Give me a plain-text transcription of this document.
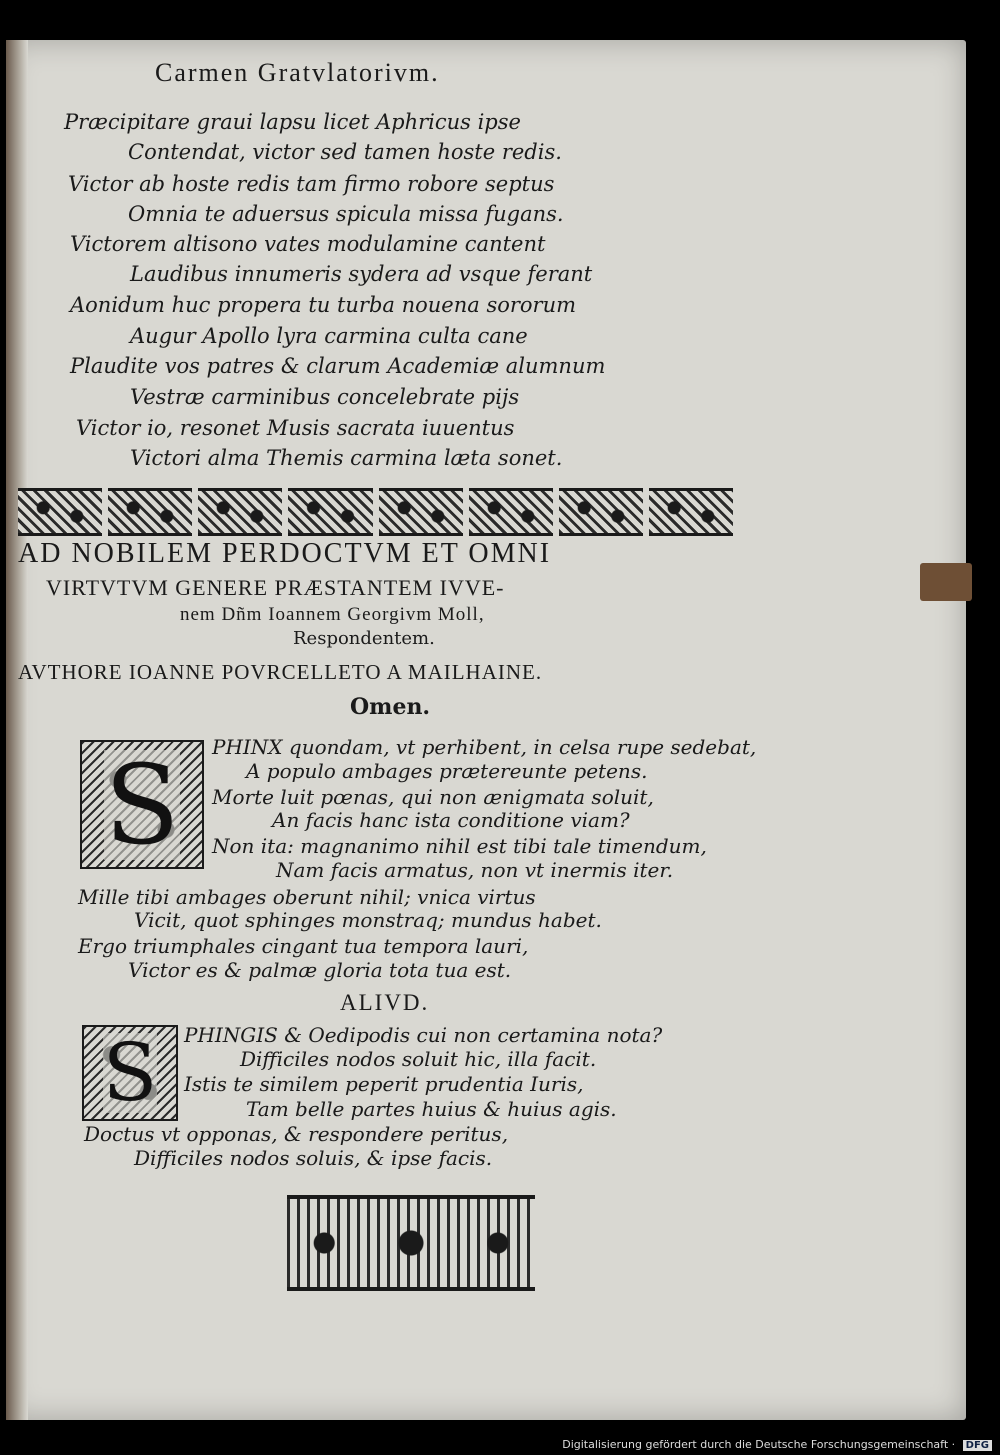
Carmen Gratvlatorivm.
Præcipitare graui lapsu licet Aphricus ipse
Contendat, victor sed tamen hoste redis.
Victor ab hoste redis tam firmo robore septus
Omnia te aduersus spicula missa fugans.
Victorem altisono vates modulamine cantent
Laudibus innumeris sydera ad vsque ferant
Aonidum huc propera tu turba nouena sororum
Augur Apollo lyra carmina culta cane
Plaudite vos patres & clarum Academiæ alumnum
Vestræ carminibus concelebrate pijs
Victor io, resonet Musis sacrata iuuentus
Victori alma Themis carmina læta sonet.
AD NOBILEM PERDOCTVM ET OMNI
VIRTVTVM GENERE PRÆSTANTEM IVVE-
nem Dñm Ioannem Georgivm Moll,
Respondentem.
AVTHORE IOANNE POVRCELLETO A MAILHAINE.
Omen.
S PHINX quondam, vt perhibent, in celsa rupe sedebat,
A populo ambages prætereunte petens.
Morte luit pœnas, qui non ænigmata soluit,
An facis hanc ista conditione viam?
Non ita: magnanimo nihil est tibi tale timendum,
Nam facis armatus, non vt inermis iter.
Mille tibi ambages oberunt nihil; vnica virtus
Vicit, quot sphinges monstraq; mundus habet.
Ergo triumphales cingant tua tempora lauri,
Victor es & palmæ gloria tota tua est.
ALIVD.
S PHINGIS & Oedipodis cui non certamina nota?
Difficiles nodos soluit hic, illa facit.
Istis te similem peperit prudentia Iuris,
Tam belle partes huius & huius agis.
Doctus vt opponas, & respondere peritus,
Difficiles nodos soluis, & ipse facis.
Digitalisierung gefördert durch die Deutsche Forschungsgemeinschaft · DFG
